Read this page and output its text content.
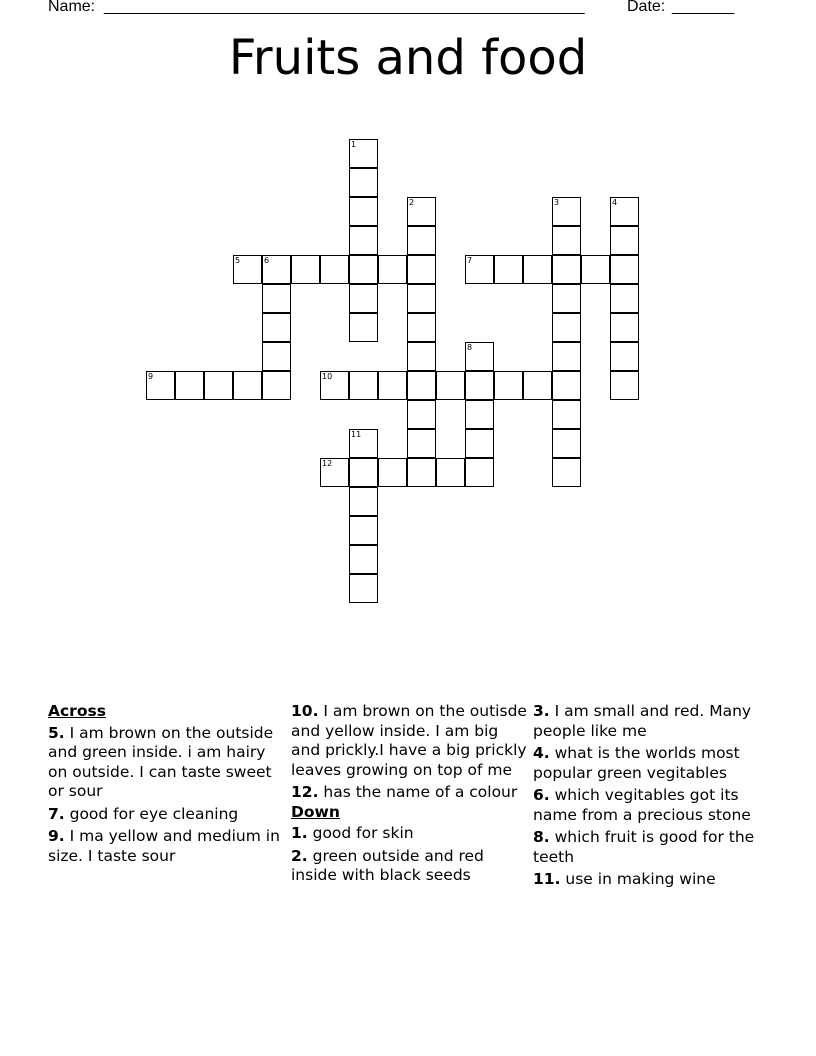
Name:

______________________________________________________

	Date:

_______

Fruits and food
1
2	3	4
5	6	7
8
9	10
11
12
Across
5. I am brown on the outside and green inside. i am hairy on outside. I can taste sweet or sour
7. good for eye cleaning
9. I ma yellow and medium in size. I taste sour
10. I am brown on the outisde and yellow inside. I am big and prickly.I have a big prickly leaves growing on top of me
12. has the name of a colour
Down
1. good for skin
2. green outside and red inside with black seeds
3. I am small and red. Many people like me
4. what is the worlds most popular green vegitables
6. which vegitables got its name from a precious stone
8. which fruit is good for the teeth
11. use in making wine
